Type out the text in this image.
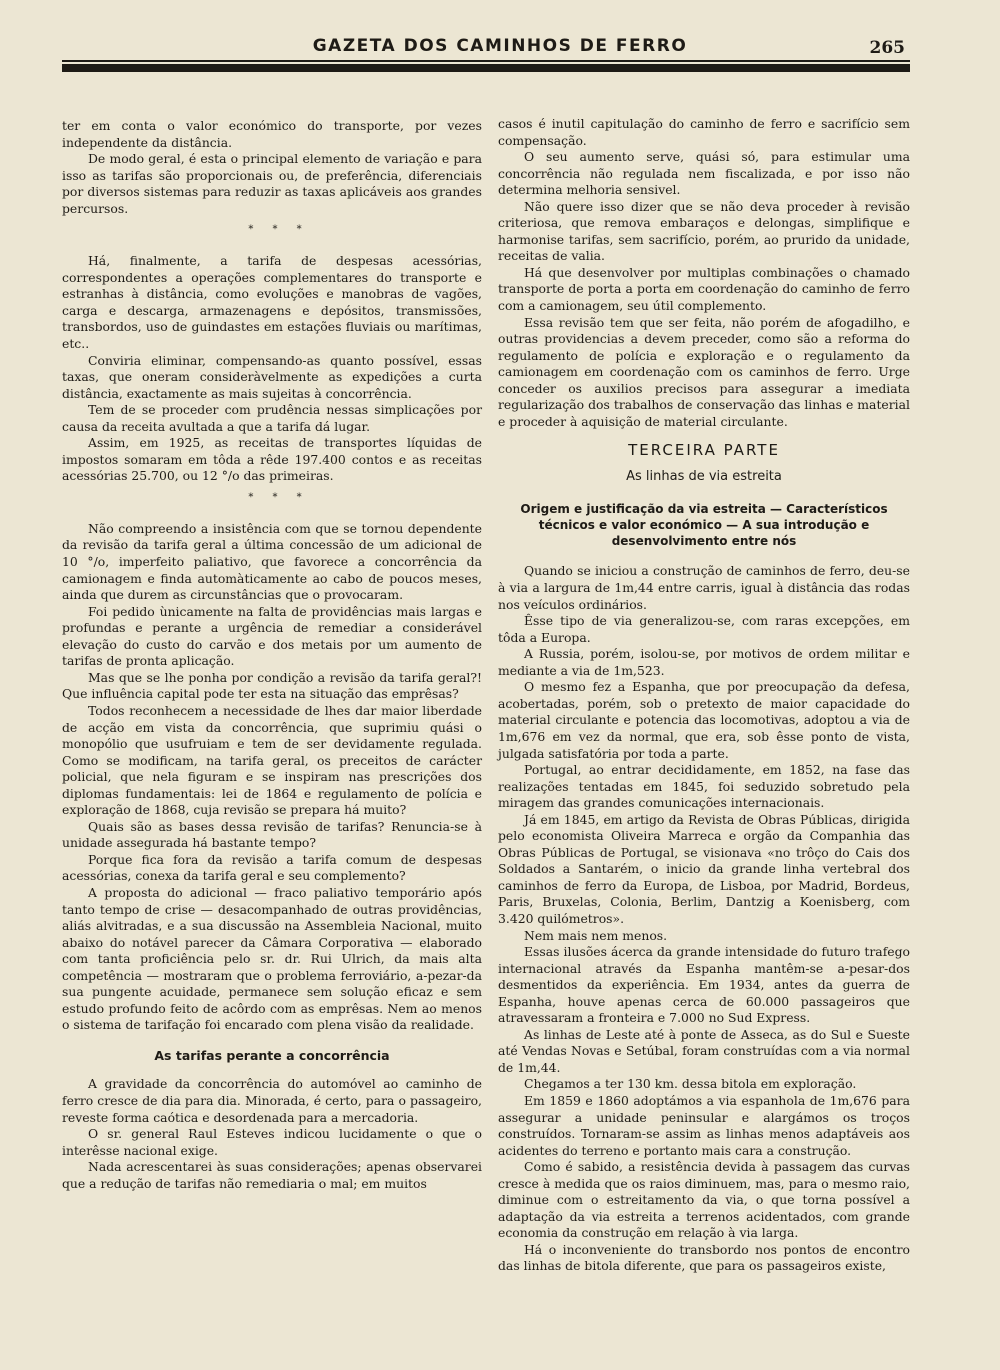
GAZETA DOS CAMINHOS DE FERRO	265

ter em conta o valor económico do transporte, por vezes independente da distância.

De modo geral, é esta o principal elemento de variação e para isso as tarifas são proporcionais ou, de preferência, diferenciais por diversos sistemas para reduzir as taxas aplicáveis aos grandes percursos.

* * *

Há, finalmente, a tarifa de despesas acessórias, correspondentes a operações complementares do transporte e estranhas à distância, como evoluções e manobras de vagões, carga e descarga, armazenagens e depósitos, transmissões, transbordos, uso de guindastes em estações fluviais ou marítimas, etc..

Conviria eliminar, compensando-as quanto possível, essas taxas, que oneram consideràvelmente as expedições a curta distância, exactamente as mais sujeitas à concorrência.

Tem de se proceder com prudência nessas simplicações por causa da receita avultada a que a tarifa dá lugar.

Assim, em 1925, as receitas de transportes líquidas de impostos somaram em tôda a rêde 197.400 contos e as receitas acessórias 25.700, ou 12 °/o das primeiras.

* * *

Não compreendo a insistência com que se tornou dependente da revisão da tarifa geral a última concessão de um adicional de 10 °/o, imperfeito paliativo, que favorece a concorrência da camionagem e finda automàticamente ao cabo de poucos meses, ainda que durem as circunstâncias que o provocaram.

Foi pedido ùnicamente na falta de providências mais largas e profundas e perante a urgência de remediar a considerável elevação do custo do carvão e dos metais por um aumento de tarifas de pronta aplicação.

Mas que se lhe ponha por condição a revisão da tarifa geral?! Que influência capital pode ter esta na situação das emprêsas?

Todos reconhecem a necessidade de lhes dar maior liberdade de acção em vista da concorrência, que suprimiu quási o monopólio que usufruiam e tem de ser devidamente regulada. Como se modificam, na tarifa geral, os preceitos de carácter policial, que nela figuram e se inspiram nas prescrições dos diplomas fundamentais: lei de 1864 e regulamento de polícia e exploração de 1868, cuja revisão se prepara há muito?

Quais são as bases dessa revisão de tarifas? Renuncia-se à unidade assegurada há bastante tempo?

Porque fica fora da revisão a tarifa comum de despesas acessórias, conexa da tarifa geral e seu complemento?

A proposta do adicional — fraco paliativo temporário após tanto tempo de crise — desacompanhado de outras providências, aliás alvitradas, e a sua discussão na Assembleia Nacional, muito abaixo do notável parecer da Câmara Corporativa — elaborado com tanta proficiência pelo sr. dr. Rui Ulrich, da mais alta competência — mostraram que o problema ferroviário, a-pezar-da sua pungente acuidade, permanece sem solução eficaz e sem estudo profundo feito de acôrdo com as emprêsas. Nem ao menos o sistema de tarifação foi encarado com plena visão da realidade.

As tarifas perante a concorrência

A gravidade da concorrência do automóvel ao caminho de ferro cresce de dia para dia. Minorada, é certo, para o passageiro, reveste forma caótica e desordenada para a mercadoria.

O sr. general Raul Esteves indicou lucidamente o que o interêsse nacional exige.

Nada acrescentarei às suas considerações; apenas observarei que a redução de tarifas não remediaria o mal; em muitos

casos é inutil capitulação do caminho de ferro e sacrifício sem compensação.

O seu aumento serve, quási só, para estimular uma concorrência não regulada nem fiscalizada, e por isso não determina melhoria sensivel.

Não quere isso dizer que se não deva proceder à revisão criteriosa, que remova embaraços e delongas, simplifique e harmonise tarifas, sem sacrifício, porém, ao prurido da unidade, receitas de valia.

Há que desenvolver por multiplas combinações o chamado transporte de porta a porta em coordenação do caminho de ferro com a camionagem, seu útil complemento.

Essa revisão tem que ser feita, não porém de afogadilho, e outras providencias a devem preceder, como são a reforma do regulamento de polícia e exploração e o regulamento da camionagem em coordenação com os caminhos de ferro. Urge conceder os auxilios precisos para assegurar a imediata regularização dos trabalhos de conservação das linhas e material e proceder à aquisição de material circulante.

TERCEIRA PARTE
As linhas de via estreita
Origem e justificação da via estreita — Característicos técnicos e valor económico — A sua introdução e desenvolvimento entre nós

Quando se iniciou a construção de caminhos de ferro, deu-se à via a largura de 1m,44 entre carris, igual à distância das rodas nos veículos ordinários.

Êsse tipo de via generalizou-se, com raras excepções, em tôda a Europa.

A Russia, porém, isolou-se, por motivos de ordem militar e mediante a via de 1m,523.

O mesmo fez a Espanha, que por preocupação da defesa, acobertadas, porém, sob o pretexto de maior capacidade do material circulante e potencia das locomotivas, adoptou a via de 1m,676 em vez da normal, que era, sob êsse ponto de vista, julgada satisfatória por toda a parte.

Portugal, ao entrar decididamente, em 1852, na fase das realizações tentadas em 1845, foi seduzido sobretudo pela miragem das grandes comunicações internacionais.

Já em 1845, em artigo da Revista de Obras Públicas, dirigida pelo economista Oliveira Marreca e orgão da Companhia das Obras Públicas de Portugal, se visionava «no trôço do Cais dos Soldados a Santarém, o inicio da grande linha vertebral dos caminhos de ferro da Europa, de Lisboa, por Madrid, Bordeus, Paris, Bruxelas, Colonia, Berlim, Dantzig a Koenisberg, com 3.420 quilómetros».

Nem mais nem menos.

Essas ilusões ácerca da grande intensidade do futuro trafego internacional através da Espanha mantêm-se a-pesar-dos desmentidos da experiência. Em 1934, antes da guerra de Espanha, houve apenas cerca de 60.000 passageiros que atravessaram a fronteira e 7.000 no Sud Express.

As linhas de Leste até à ponte de Asseca, as do Sul e Sueste até Vendas Novas e Setúbal, foram construídas com a via normal de 1m,44.

Chegamos a ter 130 km. dessa bitola em exploração.

Em 1859 e 1860 adoptámos a via espanhola de 1m,676 para assegurar a unidade peninsular e alargámos os troços construídos. Tornaram-se assim as linhas menos adaptáveis aos acidentes do terreno e portanto mais cara a construção.

Como é sabido, a resistência devida à passagem das curvas cresce à medida que os raios diminuem, mas, para o mesmo raio, diminue com o estreitamento da via, o que torna possível a adaptação da via estreita a terrenos acidentados, com grande economia da construção em relação à via larga.

Há o inconveniente do transbordo nos pontos de encontro das linhas de bitola diferente, que para os passageiros existe,
